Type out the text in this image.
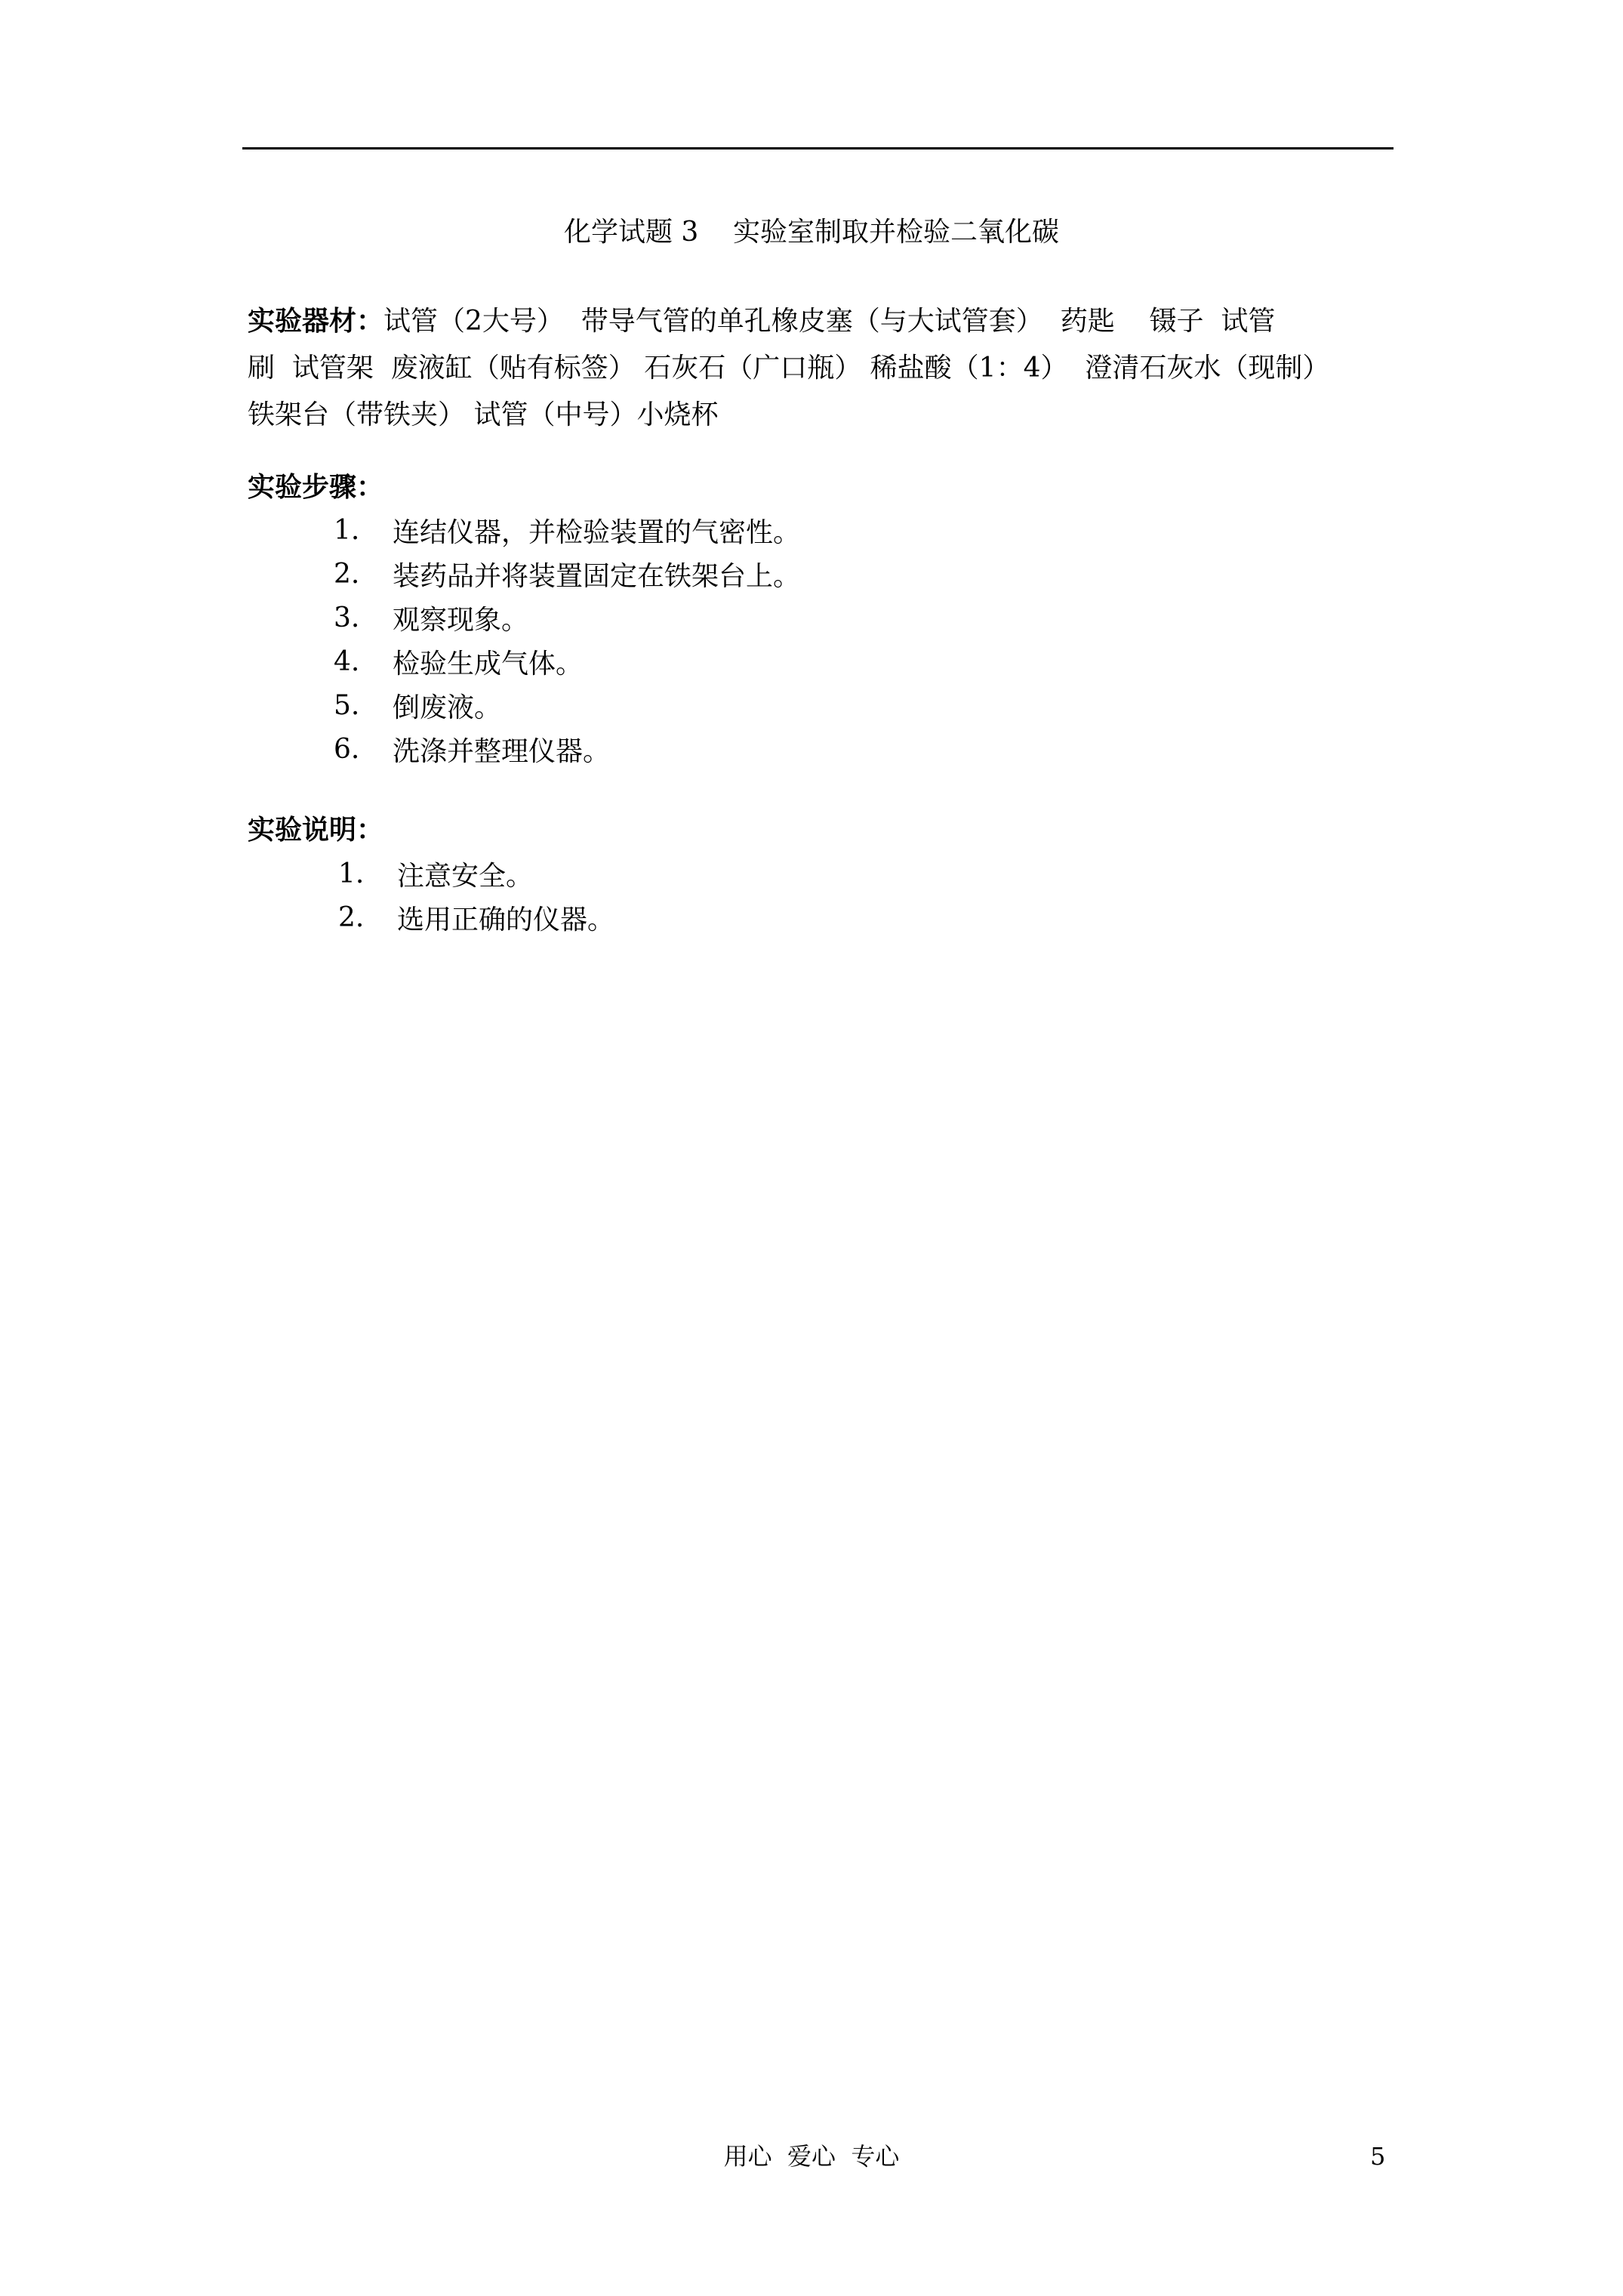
化学试题 3    实验室制取并检验二氧化碳
实验器材：试管（2大号）  带导气管的单孔橡皮塞（与大试管套）  药匙    镊子  试管
刷  试管架  废液缸（贴有标签） 石灰石（广口瓶） 稀盐酸（1：4）  澄清石灰水（现制）
铁架台（带铁夹） 试管（中号）小烧杯
实验步骤：
1.	连结仪器，并检验装置的气密性。
2.	装药品并将装置固定在铁架台上。
3.	观察现象。
4.	检验生成气体。
5.	倒废液。
6.	洗涤并整理仪器。
实验说明：
1.	注意安全。
2.	选用正确的仪器。
用心  爱心  专心	5
